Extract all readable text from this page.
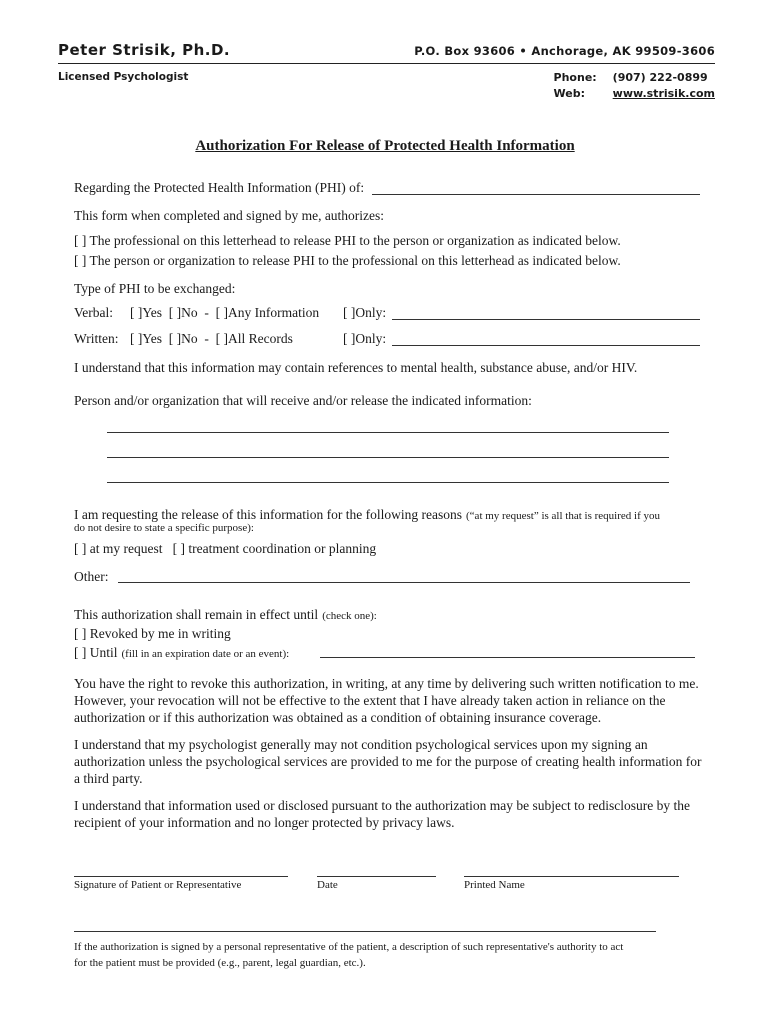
Peter Strisik, Ph.D.	P.O. Box 93606 • Anchorage, AK 99509-3606
Licensed Psychologist	Phone:	(907) 222-0899
Web:	www.strisik.com
Authorization For Release of Protected Health Information
Regarding the Protected Health Information (PHI) of:
This form when completed and signed by me, authorizes:
[ ] The professional on this letterhead to release PHI to the person or organization as indicated below.
[ ] The person or organization to release PHI to the professional on this letterhead as indicated below.
Type of PHI to be exchanged:
Verbal: [ ]Yes  [ ]No  -  [ ]Any Information [ ]Only:
Written: [ ]Yes  [ ]No  -  [ ]All Records	[ ]Only:
I understand that this information may contain references to mental health, substance abuse, and/or HIV.
Person and/or organization that will receive and/or release the indicated information:
I am requesting the release of this information for the following reasons (“at my request” is all that is required if you
do not desire to state a specific purpose):
[ ] at my request   [ ] treatment coordination or planning
Other:
This authorization shall remain in effect until (check one):
[ ] Revoked by me in writing
[ ] Until (fill in an expiration date or an event):
You have the right to revoke this authorization, in writing, at any time by delivering such written notification to me. However, your revocation will not be effective to the extent that I have already taken action in reliance on the authorization or if this authorization was obtained as a condition of obtaining insurance coverage.
I understand that my psychologist generally may not condition psychological services upon my signing an authorization unless the psychological services are provided to me for the purpose of creating health information for a third party.
I understand that information used or disclosed pursuant to the authorization may be subject to redisclosure by the recipient of your information and no longer protected by privacy laws.
Signature of Patient or Representative	Date	Printed Name
If the authorization is signed by a personal representative of the patient, a description of such representative's authority to act
for the patient must be provided (e.g., parent, legal guardian, etc.).
